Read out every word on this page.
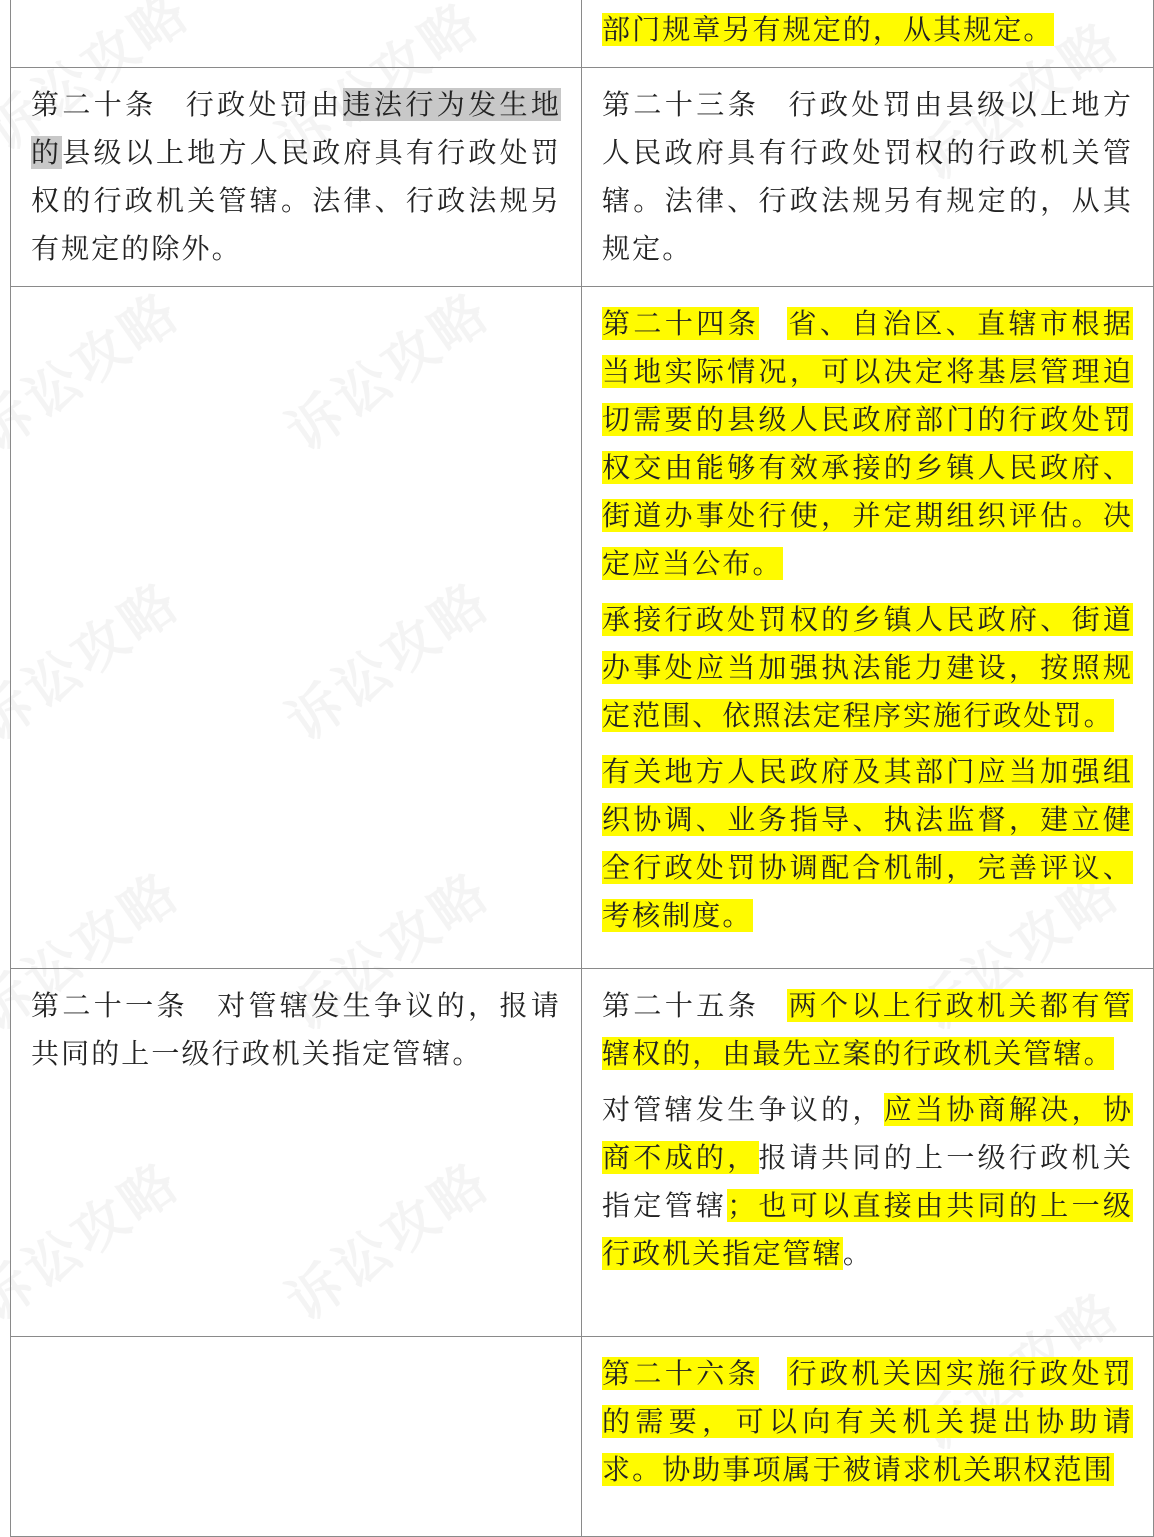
	部门规章另有规定的，从其规定。

第二十条 行政处罚由违法行为发生地的县级以上地方人民政府具有行政处罚权的行政机关管辖。法律、行政法规另有规定的除外。	第二十三条 行政处罚由县级以上地方人民政府具有行政处罚权的行政机关管辖。法律、行政法规另有规定的，从其规定。

	第二十四条 省、自治区、直辖市根据当地实际情况，可以决定将基层管理迫切需要的县级人民政府部门的行政处罚权交由能够有效承接的乡镇人民政府、街道办事处行使，并定期组织评估。决定应当公布。

承接行政处罚权的乡镇人民政府、街道办事处应当加强执法能力建设，按照规定范围、依照法定程序实施行政处罚。

有关地方人民政府及其部门应当加强组织协调、业务指导、执法监督，建立健全行政处罚协调配合机制，完善评议、考核制度。

第二十一条 对管辖发生争议的，报请共同的上一级行政机关指定管辖。	第二十五条 两个以上行政机关都有管辖权的，由最先立案的行政机关管辖。

对管辖发生争议的，应当协商解决，协商不成的，报请共同的上一级行政机关指定管辖；也可以直接由共同的上一级行政机关指定管辖。

	第二十六条 行政机关因实施行政处罚的需要，可以向有关机关提出协助请求。协助事项属于被请求机关职权范围
